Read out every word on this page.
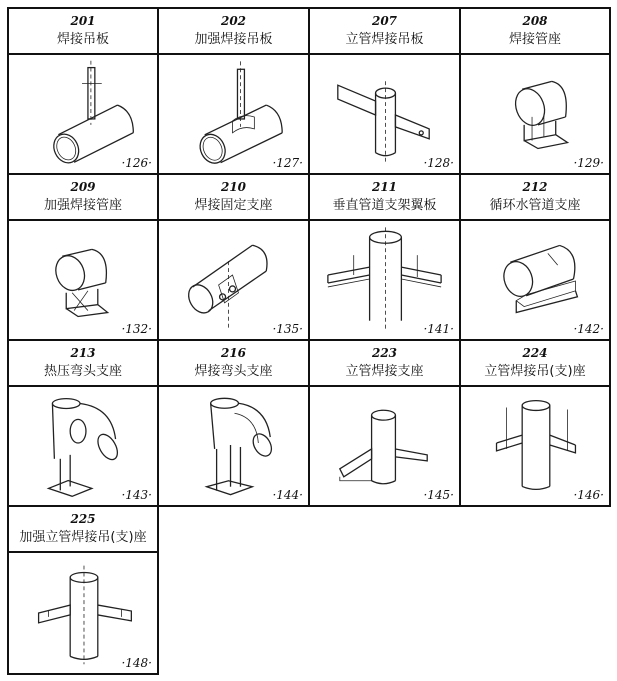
201
焊接吊板
·126·
202
加强焊接吊板
·127·
207
立管焊接吊板
·128·
208
焊接管座
·129·
209
加强焊接管座
·132·
210
焊接固定支座
·135·
211
垂直管道支架翼板
·141·
212
循环水管道支座
·142·
213
热压弯头支座
·143·
216
焊接弯头支座
·144·
223
立管焊接支座
·145·
224
立管焊接吊(支)座
·146·
225
加强立管焊接吊(支)座
·148·
